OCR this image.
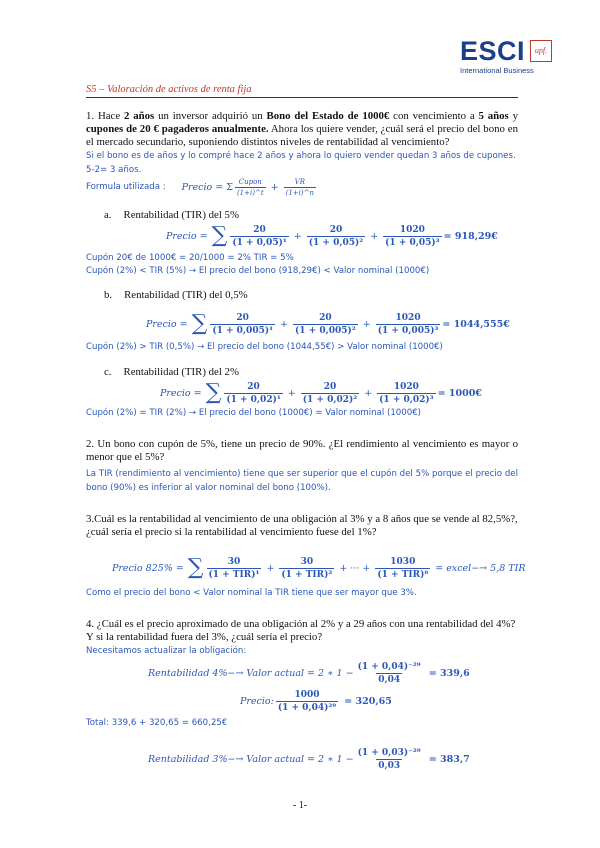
ESCI	upf.
International Business
S5 – Valoración de activos de renta fija
1. Hace 2 años un inversor adquirió un Bono del Estado de 1000€ con vencimiento a 5 años y cupones de 20 € pagaderos anualmente. Ahora los quiere vender, ¿cuál será el precio del bono en el mercado secundario, suponiendo distintos niveles de rentabilidad al vencimiento?
Si el bono es de años y lo compré hace 2 años y ahora lo quiero vender quedan 3 años de cupones.
5-2= 3 años.
Formula utilizada : Precio = Σ $\frac{\text{Cupon}}{(1+i)\^{}t} + \frac{VR}{(1+i)\^{}n}$
a. Rentabilidad (TIR) del 5%
Precio = ∑ $\frac{20}{\text{(1 + 0,05)¹}} + \frac{20}{\text{(1 + 0,05)²}} + \frac{1020}{\text{(1 + 0,05)³}}$ = 918,29€
Cupón 20€ de 1000€ = 20/1000 = 2% TIR = 5%
Cupón (2%) < TIR (5%) → El precio del bono (918,29€) < Valor nominal (1000€)
b. Rentabilidad (TIR) del 0,5%
Precio = ∑ $\frac{20}{\text{(1 + 0,005)¹}} + \frac{20}{\text{(1 + 0,005)²}} + \frac{1020}{\text{(1 + 0,005)³}}$ = 1044,555€
Cupón (2%) > TIR (0,5%) → El precio del bono (1044,55€) > Valor nominal (1000€)
c. Rentabilidad (TIR) del 2%
Precio = ∑ $\frac{20}{\text{(1 + 0,02)¹}} + \frac{20}{\text{(1 + 0,02)²}} + \frac{1020}{\text{(1 + 0,02)³}}$ = 1000€
Cupón (2%) = TIR (2%) → El precio del bono (1000€) = Valor nominal (1000€)
2. Un bono con cupón de 5%, tiene un precio de 90%. ¿El rendimiento al vencimiento es mayor o menor que el 5%?
La TIR (rendimiento al vencimiento) tiene que ser superior que el cupón del 5% porque el precio del bono (90%) es inferior al valor nominal del bono (100%).
3.Cuál es la rentabilidad al vencimiento de una obligación al 3% y a 8 años que se vende al 82,5%?, ¿cuál sería el precio si la rentabilidad al vencimiento fuese del 1%?
Precio 825% = ∑ $\frac{30}{\text{(1 + TIR)¹}} + \frac{30}{\text{(1 + TIR)²}}$ + ··· + $\frac{1030}{\text{(1 + TIR)⁸}}$ = excel−→ 5,8 TIR
Como el precio del bono < Valor nominal la TIR tiene que ser mayor que 3%.
4. ¿Cuál es el precio aproximado de una obligación al 2% y a 29 años con una rentabilidad del 4%? Y si la rentabilidad fuera del 3%, ¿cuál sería el precio?
Necesitamos actualizar la obligación:
Rentabilidad 4%−→ Valor actual = 2 ∗ $1 - \frac{\text{(1 + 0,04)⁻²⁹}}{0,04} = 339,6$
Precio: $\frac{1000}{\text{(1 + 0,04)²⁹}} = 320,65$
Total: 339,6 + 320,65 = 660,25€
Rentabilidad 3%−→ Valor actual = 2 ∗ $1 - \frac{\text{(1 + 0,03)⁻²⁹}}{0,03} = 383,7$
- 1-
